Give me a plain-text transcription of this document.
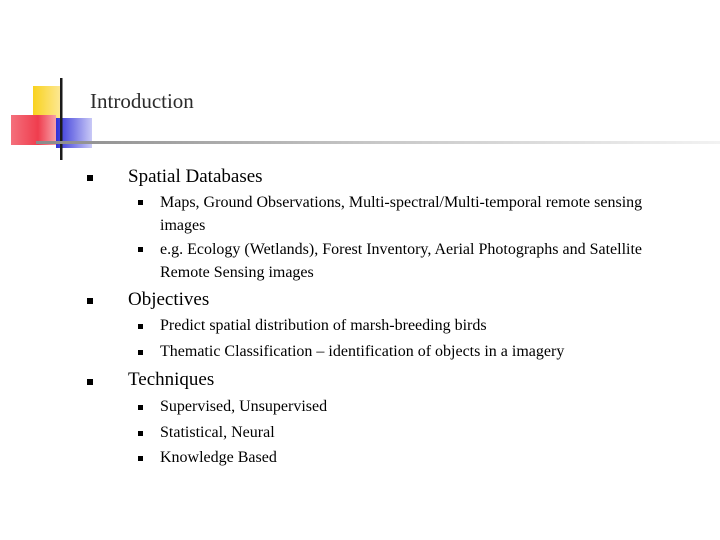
Introduction
Spatial Databases
Maps, Ground Observations, Multi-spectral/Multi-temporal remote sensing images
e.g. Ecology (Wetlands), Forest Inventory, Aerial Photographs and Satellite Remote Sensing images
Objectives
Predict spatial distribution of marsh-breeding birds
Thematic Classification – identification of objects in a imagery
Techniques
Supervised, Unsupervised
Statistical, Neural
Knowledge Based
